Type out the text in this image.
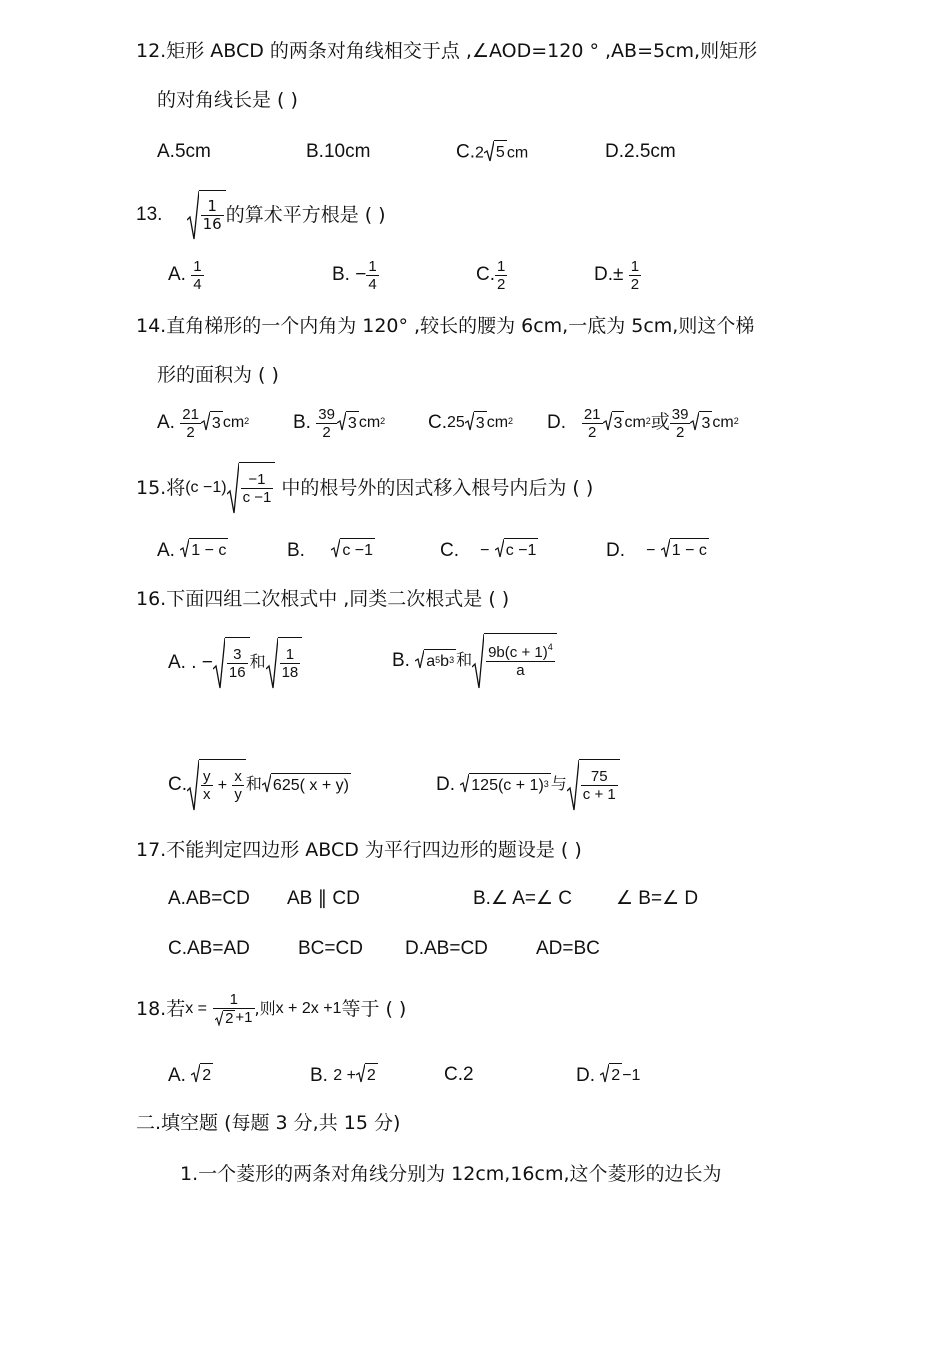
12.矩形 ABCD 的两条对角线相交于点 ,∠AOD=120 ° ,AB=5cm,则矩形
的对角线长是 ( )
A.5cm	B.10cm	C.2 5 cm	D.2.5cm
13.
	$\frac{1}{16}$ 的算术平方根是 ( )
A.
$\frac{1}{4}$	B.
− $\frac{1}{4}$	C. $\frac{1}{2}$	D. ±
$\frac{1}{2}$
14.直角梯形的一个内角为 120° ,较长的腰为 6cm,一底为 5cm,则这个梯
形的面积为 ( )
A.
$\frac{21}{2} 3$ $cm^2$ B.
$\frac{39}{2} 3$ $cm^2$ C. 25 3 $cm^2$ D.
$\frac{21}{2} 3$ $cm^2$ 或 $\frac{39}{2} 3$ $cm^2$
15.将 $(c -1) \frac{-1}{c -1}$
中的根号外的因式移入根号内后为 ( )
A.
1 − c	B.
c −1	C.
−
c −1	D.
−
1 − c
16.下面四组二次根式中 ,同类二次根式是 ( )
A. . − $\frac{3}{16}$ 和 $\frac{1}{18}$	B.
$a^5$ $b^3$ 和 $\frac{9b(c + 1)^4}{a}$
C. $\frac{y}{x}$
+
$\frac{x}{y}$ 和 625( x + y)	D.
$125(c + 1)^3$ 与 $\frac{75}{c + 1}$
17.不能判定四边形 ABCD 为平行四边形的题设是 ( )
A.AB=CD AB ∥ CD	B.∠ A=∠ C ∠ B=∠ D
C.AB=AD	BC=CD D.AB=CD	AD=BC
18.若 x =
$\frac{1}{2 +1}$ ,则 x + 2x +1 等于 ( )
A.
2	B.
2 + 2	C.2	D.
2 −1
二.填空题 (每题 3 分,共 15 分)
1.一个菱形的两条对角线分别为 12cm,16cm,这个菱形的边长为
